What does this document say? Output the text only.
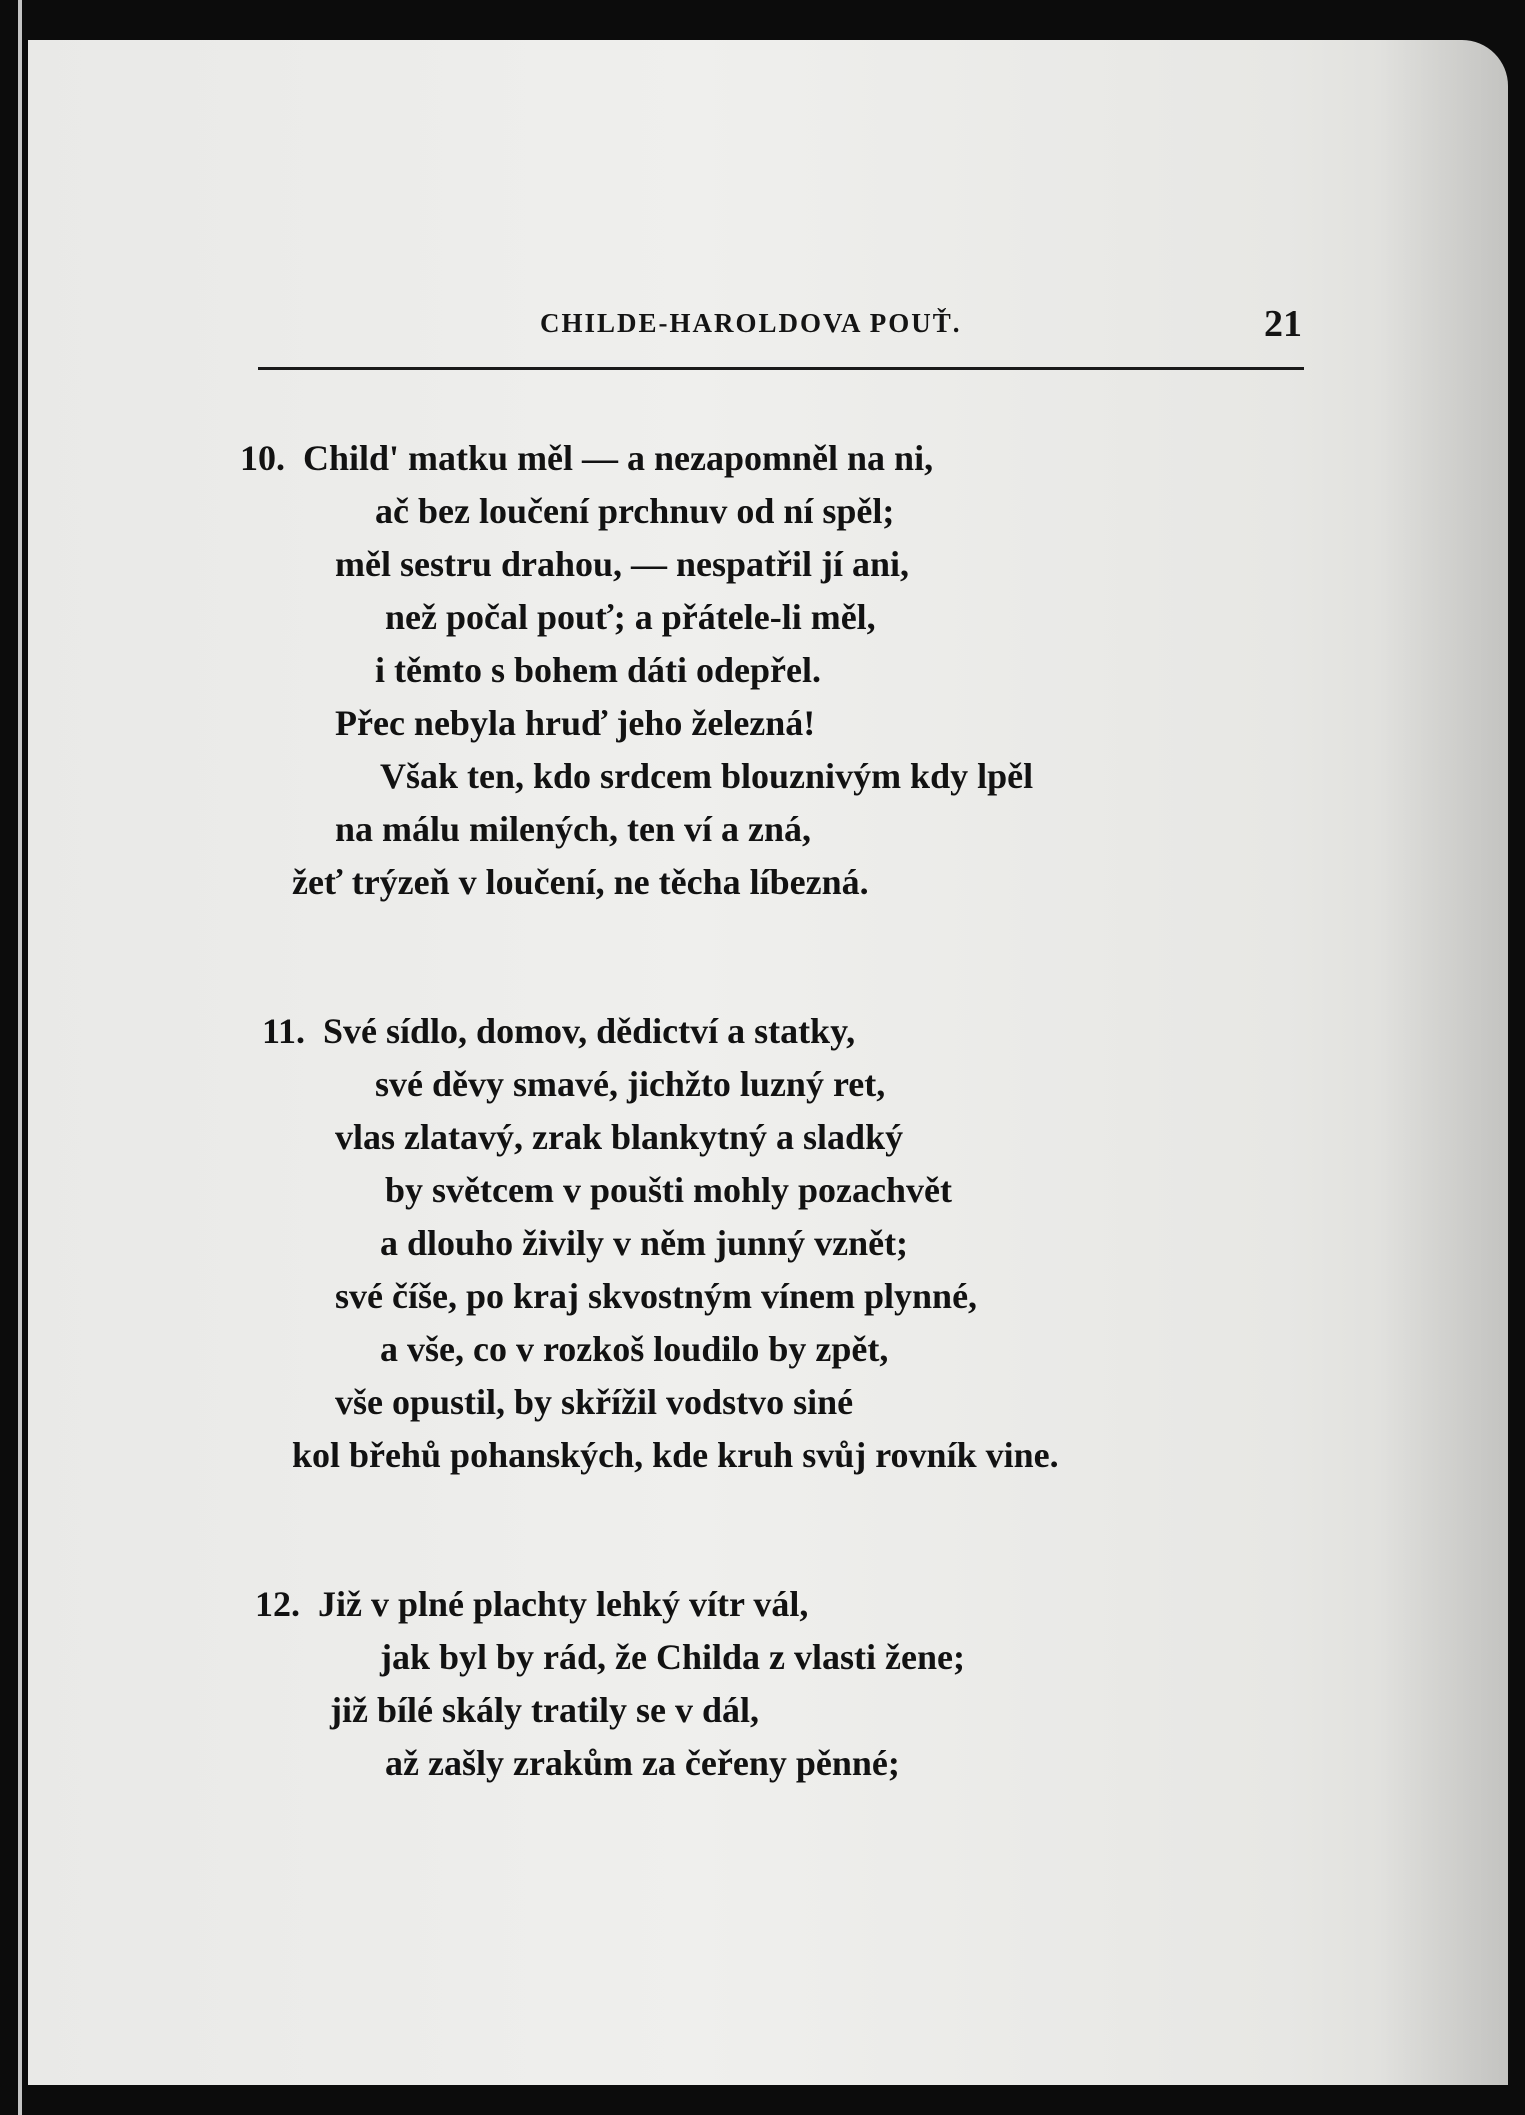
CHILDE-HAROLDOVA POUŤ.	21
10. Child' matku měl — a nezapomněl na ni,
ač bez loučení prchnuv od ní spěl;
měl sestru drahou, — nespatřil jí ani,
než počal pouť; a přátele-li měl,
i těmto s bohem dáti odepřel.
Přec nebyla hruď jeho železná!
Však ten, kdo srdcem blouznivým kdy lpěl
na málu milených, ten ví a zná,
žeť trýzeň v loučení, ne těcha líbezná.
11. Své sídlo, domov, dědictví a statky,
své děvy smavé, jichžto luzný ret,
vlas zlatavý, zrak blankytný a sladký
by světcem v poušti mohly pozachvět
a dlouho živily v něm junný vznět;
své číše, po kraj skvostným vínem plynné,
a vše, co v rozkoš loudilo by zpět,
vše opustil, by skřížil vodstvo siné
kol břehů pohanských, kde kruh svůj rovník vine.
12. Již v plné plachty lehký vítr vál,
jak byl by rád, že Childa z vlasti žene;
již bílé skály tratily se v dál,
až zašly zrakům za čeřeny pěnné;
